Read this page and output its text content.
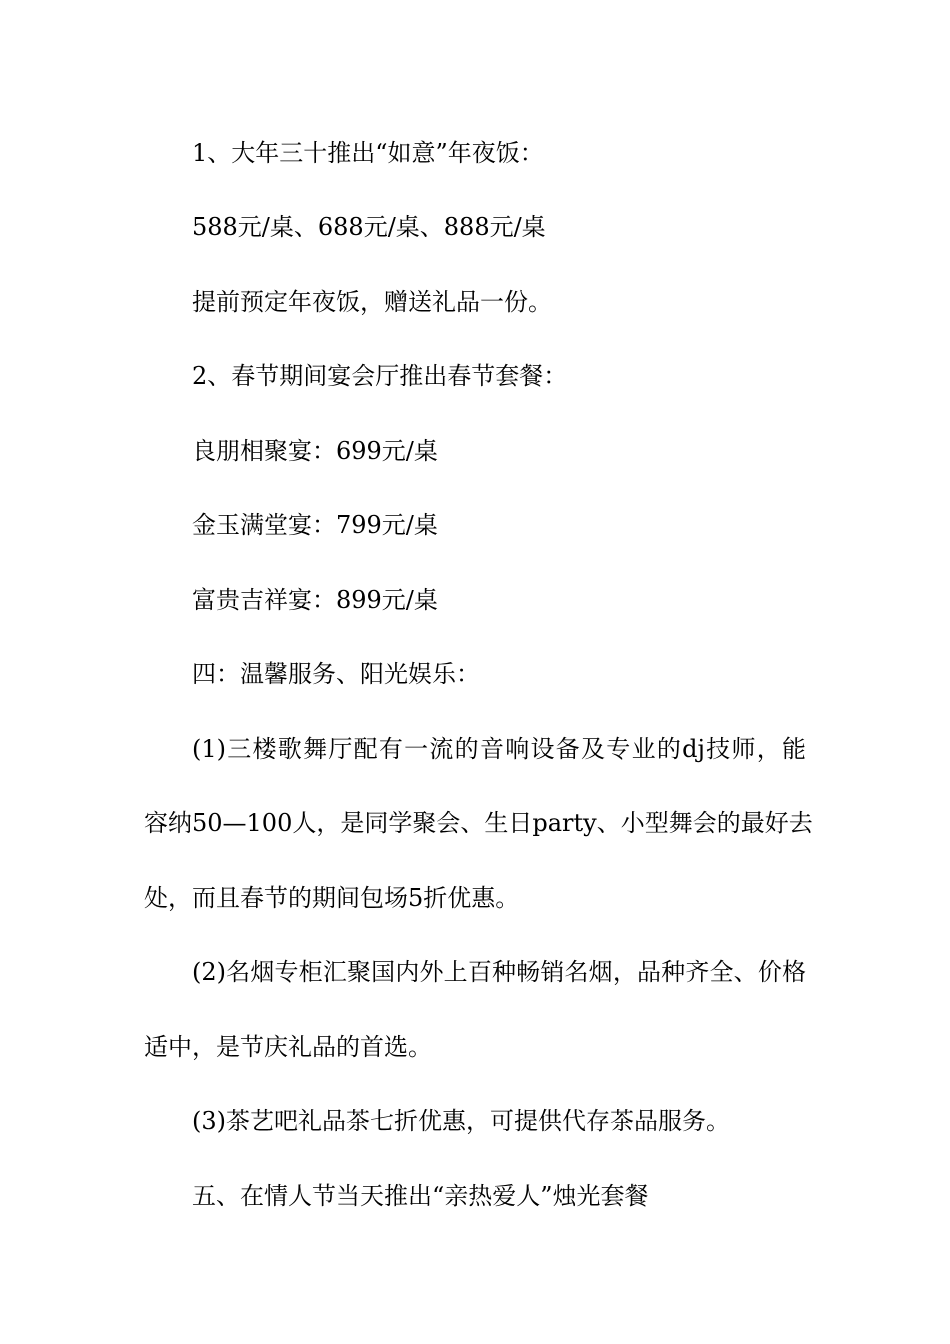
1、大年三十推出“如意”年夜饭：
588元/桌、688元/桌、888元/桌
提前预定年夜饭，赠送礼品一份。
2、春节期间宴会厅推出春节套餐：
良朋相聚宴：699元/桌
金玉满堂宴：799元/桌
富贵吉祥宴：899元/桌
四：温馨服务、阳光娱乐：
(1)三楼歌舞厅配有一流的音响设备及专业的dj技师，能
容纳50—100人，是同学聚会、生日party、小型舞会的最好去
处，而且春节的期间包场5折优惠。
(2)名烟专柜汇聚国内外上百种畅销名烟，品种齐全、价格
适中，是节庆礼品的首选。
(3)茶艺吧礼品茶七折优惠，可提供代存茶品服务。
五、在情人节当天推出“亲热爱人”烛光套餐
